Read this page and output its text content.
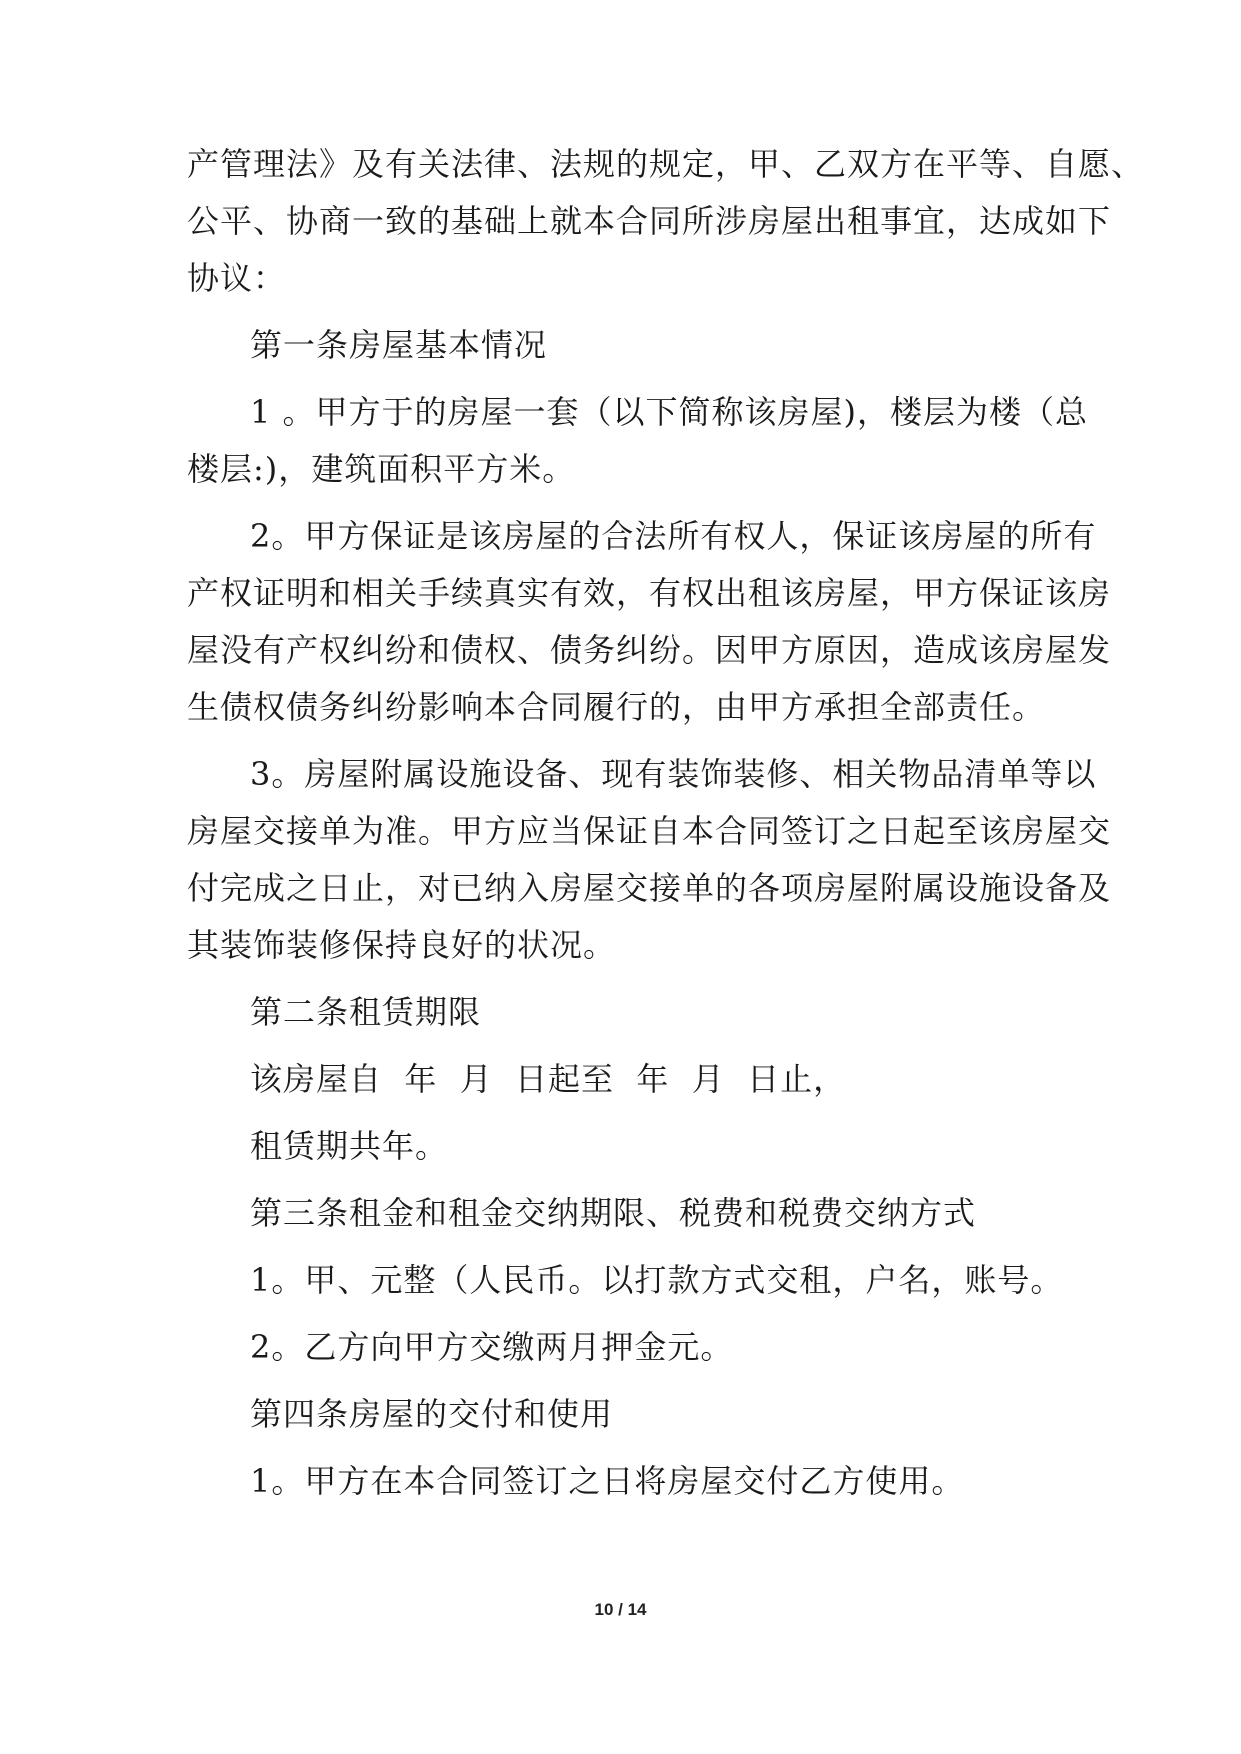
产管理法》及有关法律、法规的规定，甲、乙双方在平等、自愿、
公平、协商一致的基础上就本合同所涉房屋出租事宜，达成如下
协议：
第一条房屋基本情况
1 。甲方于的房屋一套（以下简称该房屋)，楼层为楼（总
楼层:)，建筑面积平方米。
2。甲方保证是该房屋的合法所有权人，保证该房屋的所有
产权证明和相关手续真实有效，有权出租该房屋，甲方保证该房
屋没有产权纠纷和债权、债务纠纷。因甲方原因，造成该房屋发
生债权债务纠纷影响本合同履行的，由甲方承担全部责任。
3。房屋附属设施设备、现有装饰装修、相关物品清单等以
房屋交接单为准。甲方应当保证自本合同签订之日起至该房屋交
付完成之日止，对已纳入房屋交接单的各项房屋附属设施设备及
其装饰装修保持良好的状况。
第二条租赁期限
该房屋自  年  月  日起至  年  月  日止，
租赁期共年。
第三条租金和租金交纳期限、税费和税费交纳方式
1。甲、元整（人民币。以打款方式交租，户名，账号。
2。乙方向甲方交缴两月押金元。
第四条房屋的交付和使用
1。甲方在本合同签订之日将房屋交付乙方使用。
10 / 14
